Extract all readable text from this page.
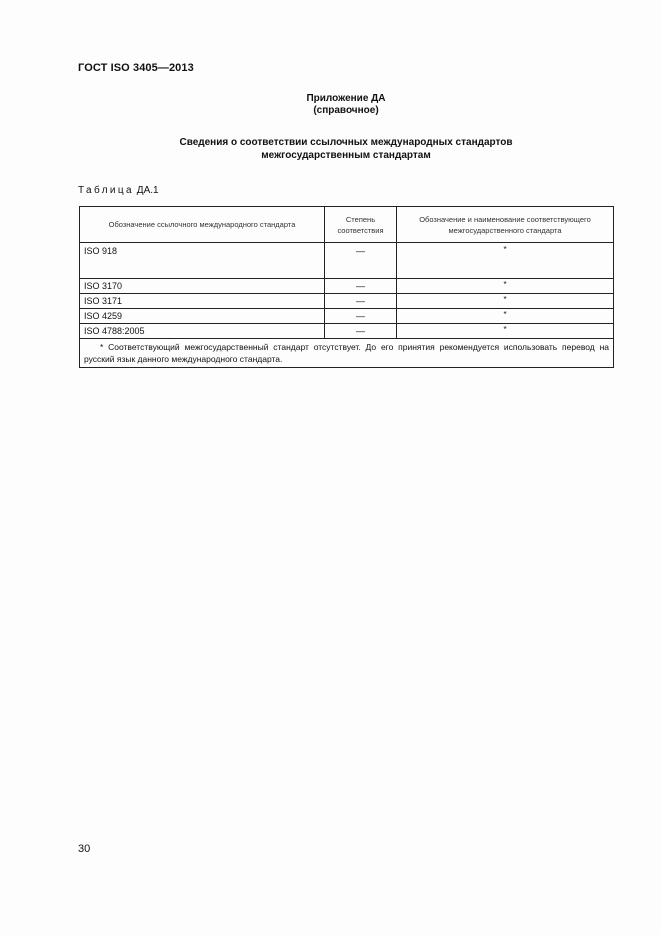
ГОСТ ISO 3405—2013
Приложение ДА
(справочное)
Сведения о соответствии ссылочных международных стандартов
межгосударственным стандартам
Таблица ДА.1
Обозначение ссылочного международного стандарта	Степень соответствия	Обозначение и наименование соответствующего межгосударственного стандарта
ISO 918	—	*
ISO 3170	—	*
ISO 3171	—	*
ISO 4259	—	*
ISO 4788:2005	—	*
* Соответствующий межгосударственный стандарт отсутствует. До его принятия рекомендуется использовать перевод на русский язык данного международного стандарта.		
30
